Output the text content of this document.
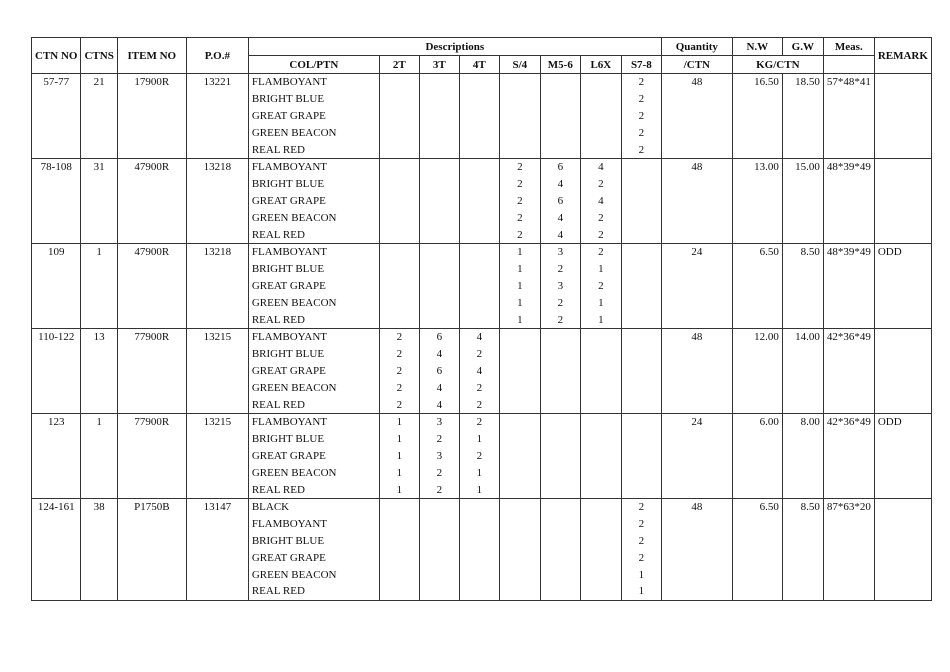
CTN NO	CTNS	ITEM NO	P.O.#	Descriptions								Quantity	N.W	G.W	Meas.	REMARK
				COL/PTN	2T	3T	4T	S/4	M5-6	L6X	S7-8	/CTN	KG/CTN			
57-77	21	17900R	13221	FLAMBOYANT							2	48	16.50	18.50	57*48*41	
				BRIGHT BLUE							2					
				GREAT GRAPE							2					
				GREEN BEACON							2					
				REAL RED							2					
78-108	31	47900R	13218	FLAMBOYANT				2	6	4		48	13.00	15.00	48*39*49	
				BRIGHT BLUE				2	4	2						
				GREAT GRAPE				2	6	4						
				GREEN BEACON				2	4	2						
				REAL RED				2	4	2						
109	1	47900R	13218	FLAMBOYANT				1	3	2		24	6.50	8.50	48*39*49	ODD
				BRIGHT BLUE				1	2	1						
				GREAT GRAPE				1	3	2						
				GREEN BEACON				1	2	1						
				REAL RED				1	2	1						
110-122	13	77900R	13215	FLAMBOYANT	2	6	4					48	12.00	14.00	42*36*49	
				BRIGHT BLUE	2	4	2									
				GREAT GRAPE	2	6	4									
				GREEN BEACON	2	4	2									
				REAL RED	2	4	2									
123	1	77900R	13215	FLAMBOYANT	1	3	2					24	6.00	8.00	42*36*49	ODD
				BRIGHT BLUE	1	2	1									
				GREAT GRAPE	1	3	2									
				GREEN BEACON	1	2	1									
				REAL RED	1	2	1									
124-161	38	P1750B	13147	BLACK							2	48	6.50	8.50	87*63*20	
				FLAMBOYANT							2					
				BRIGHT BLUE							2					
				GREAT GRAPE							2					
				GREEN BEACON							1					
				REAL RED							1					
